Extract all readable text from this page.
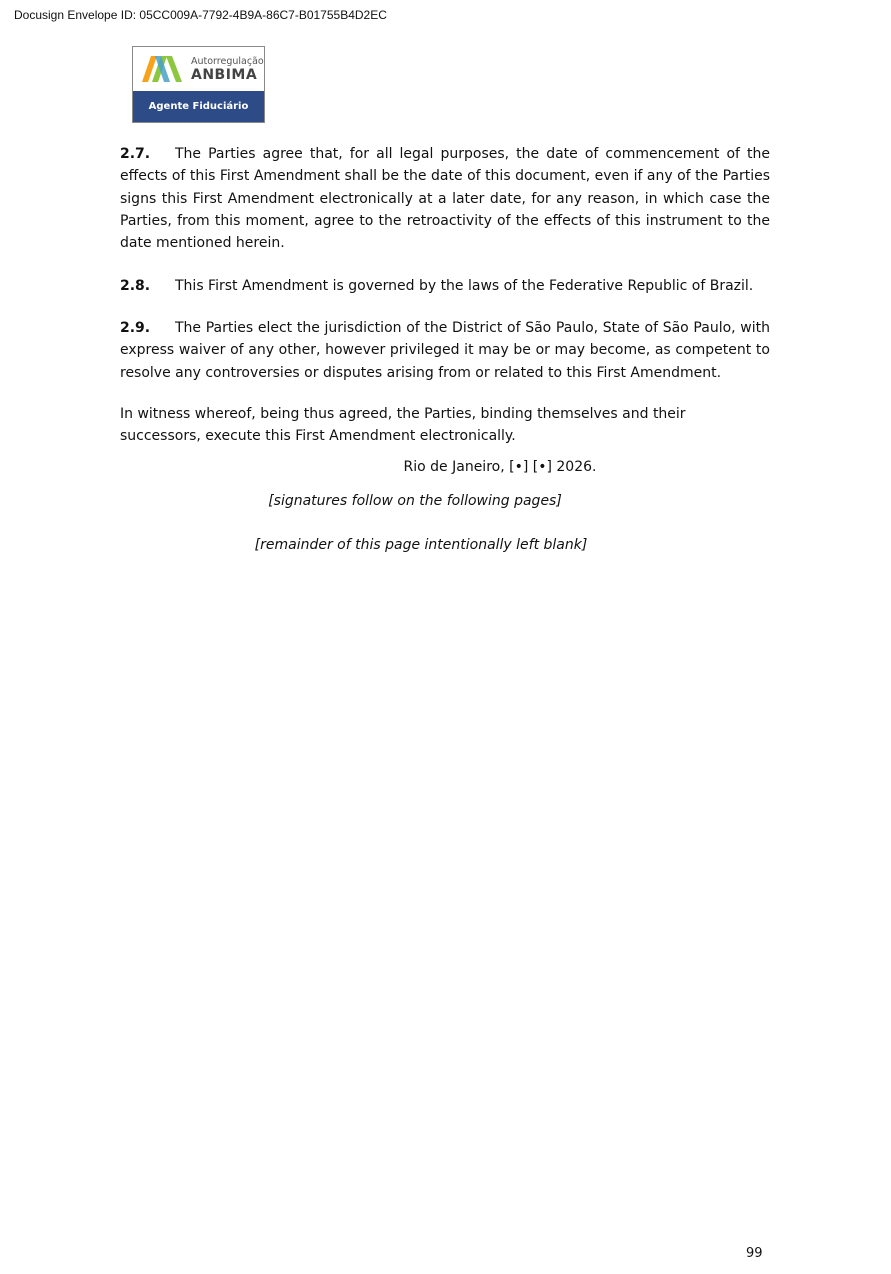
Docusign Envelope ID: 05CC009A-7792-4B9A-86C7-B01755B4D2EC
Autorregulação
ANBIMA
Agente Fiduciário

2.7. The Parties agree that, for all legal purposes, the date of commencement of the effects of this First Amendment shall be the date of this document, even if any of the Parties signs this First Amendment electronically at a later date, for any reason, in which case the Parties, from this moment, agree to the retroactivity of the effects of this instrument to the date mentioned herein.

2.8. This First Amendment is governed by the laws of the Federative Republic of Brazil.

2.9. The Parties elect the jurisdiction of the District of São Paulo, State of São Paulo, with express waiver of any other, however privileged it may be or may become, as competent to resolve any controversies or disputes arising from or related to this First Amendment.

In witness whereof, being thus agreed, the Parties, binding themselves and their successors, execute this First Amendment electronically.

Rio de Janeiro, [•] [•] 2026.
[signatures follow on the following pages]
[remainder of this page intentionally left blank]
99
